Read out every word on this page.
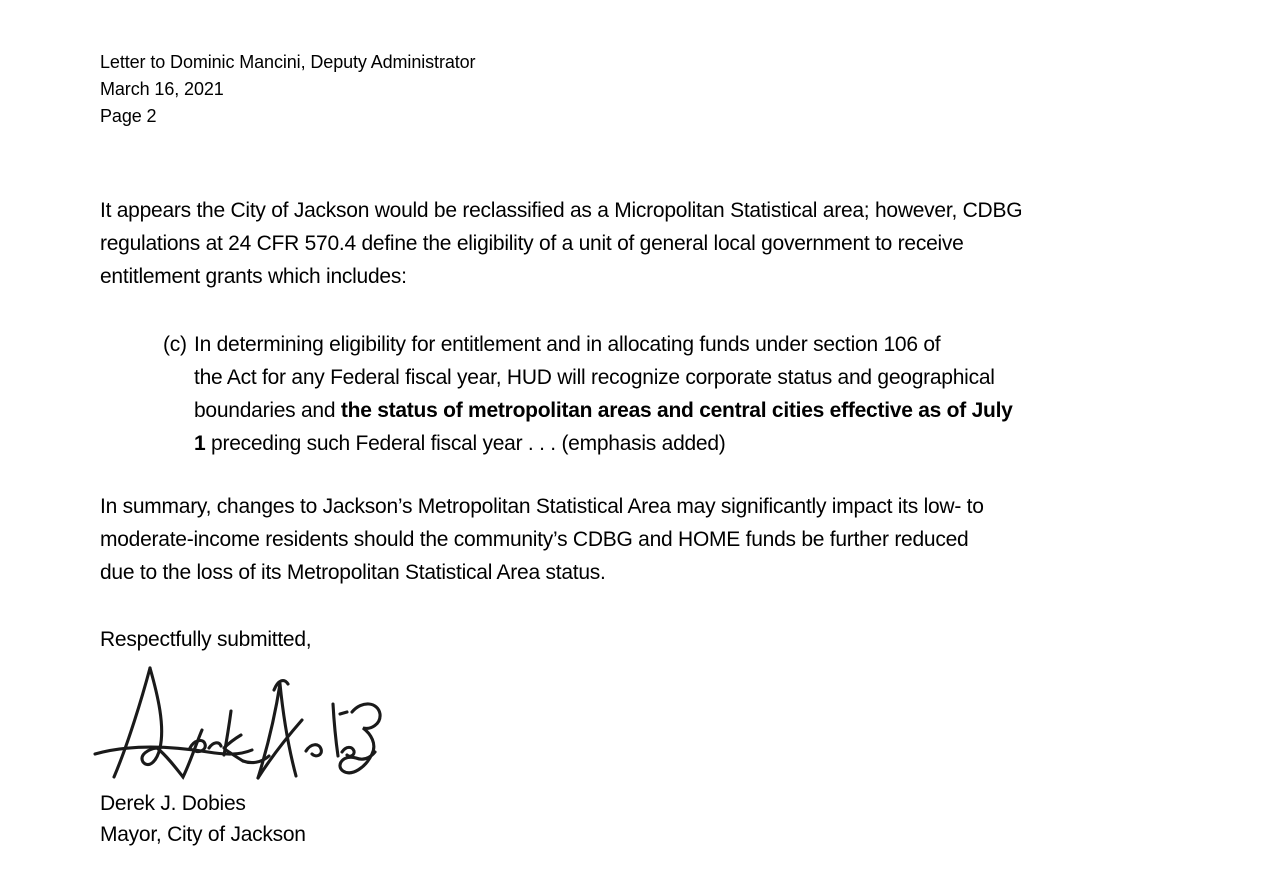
Letter to Dominic Mancini, Deputy Administrator
March 16, 2021
Page 2
It appears the City of Jackson would be reclassified as a Micropolitan Statistical area; however, CDBG
regulations at 24 CFR 570.4 define the eligibility of a unit of general local government to receive
entitlement grants which includes:
(c) In determining eligibility for entitlement and in allocating funds under section 106 of
the Act for any Federal fiscal year, HUD will recognize corporate status and geographical
boundaries and the status of metropolitan areas and central cities effective as of July
1 preceding such Federal fiscal year . . . (emphasis added)
In summary, changes to Jackson’s Metropolitan Statistical Area may significantly impact its low- to
moderate-income residents should the community’s CDBG and HOME funds be further reduced
due to the loss of its Metropolitan Statistical Area status.
Respectfully submitted,
Derek J. Dobies
Mayor, City of Jackson
